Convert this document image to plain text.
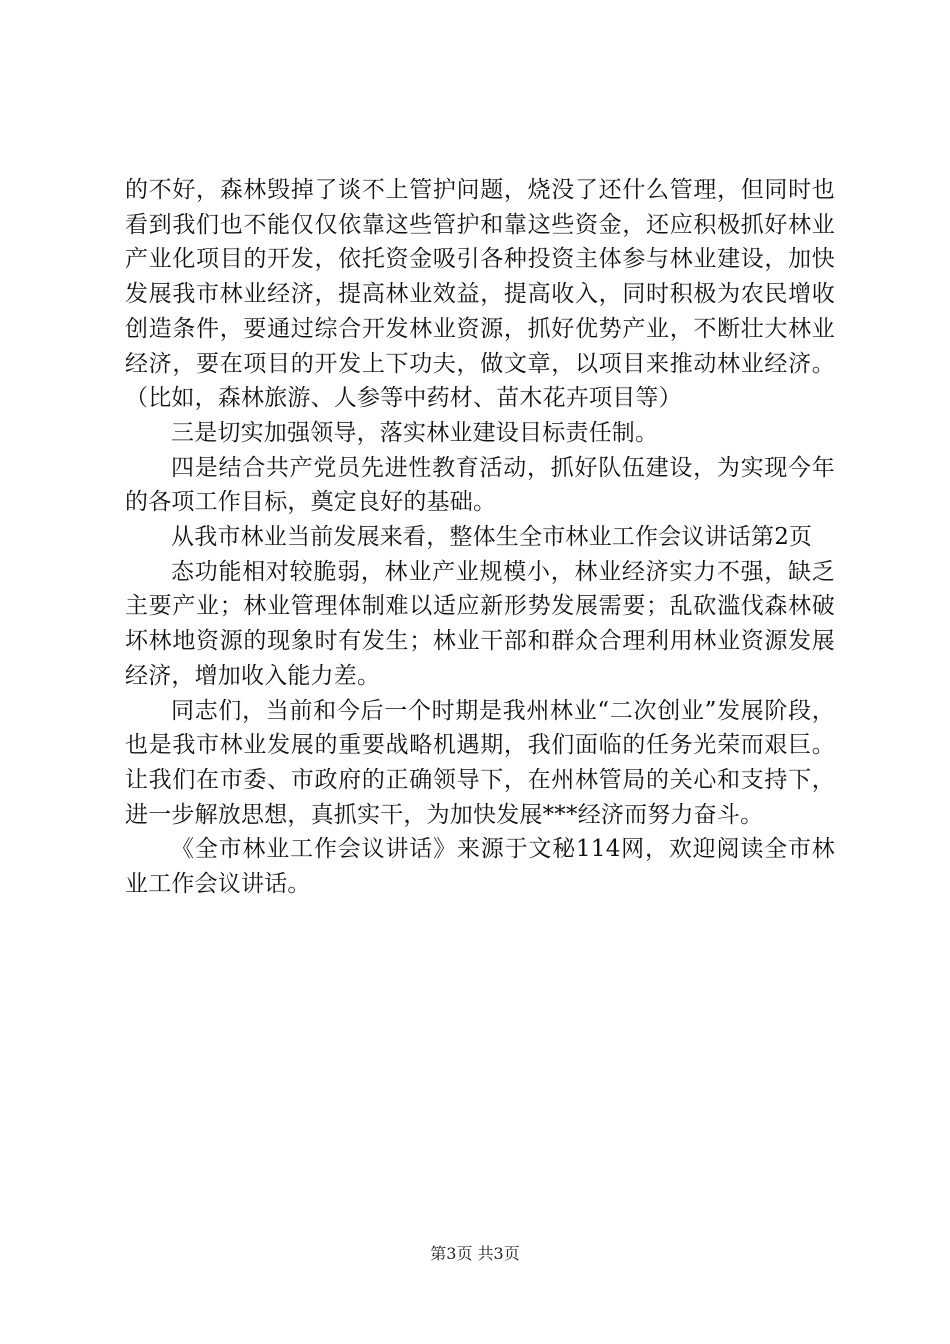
的不好，森林毁掉了谈不上管护问题，烧没了还什么管理，但同时也看到我们也不能仅仅依靠这些管护和靠这些资金，还应积极抓好林业产业化项目的开发，依托资金吸引各种投资主体参与林业建设，加快发展我市林业经济，提高林业效益，提高收入，同时积极为农民增收创造条件，要通过综合开发林业资源，抓好优势产业，不断壮大林业经济，要在项目的开发上下功夫，做文章，以项目来推动林业经济。（比如，森林旅游、人参等中药材、苗木花卉项目等）

三是切实加强领导，落实林业建设目标责任制。

四是结合共产党员先进性教育活动，抓好队伍建设，为实现今年的各项工作目标，奠定良好的基础。

从我市林业当前发展来看，整体生全市林业工作会议讲话第2页

态功能相对较脆弱，林业产业规模小，林业经济实力不强，缺乏主要产业；林业管理体制难以适应新形势发展需要；乱砍滥伐森林破坏林地资源的现象时有发生；林业干部和群众合理利用林业资源发展经济，增加收入能力差。

同志们，当前和今后一个时期是我州林业“二次创业”发展阶段，也是我市林业发展的重要战略机遇期，我们面临的任务光荣而艰巨。让我们在市委、市政府的正确领导下，在州林管局的关心和支持下，进一步解放思想，真抓实干，为加快发展***经济而努力奋斗。

《全市林业工作会议讲话》来源于文秘114网，欢迎阅读全市林业工作会议讲话。

第3页 共3页
